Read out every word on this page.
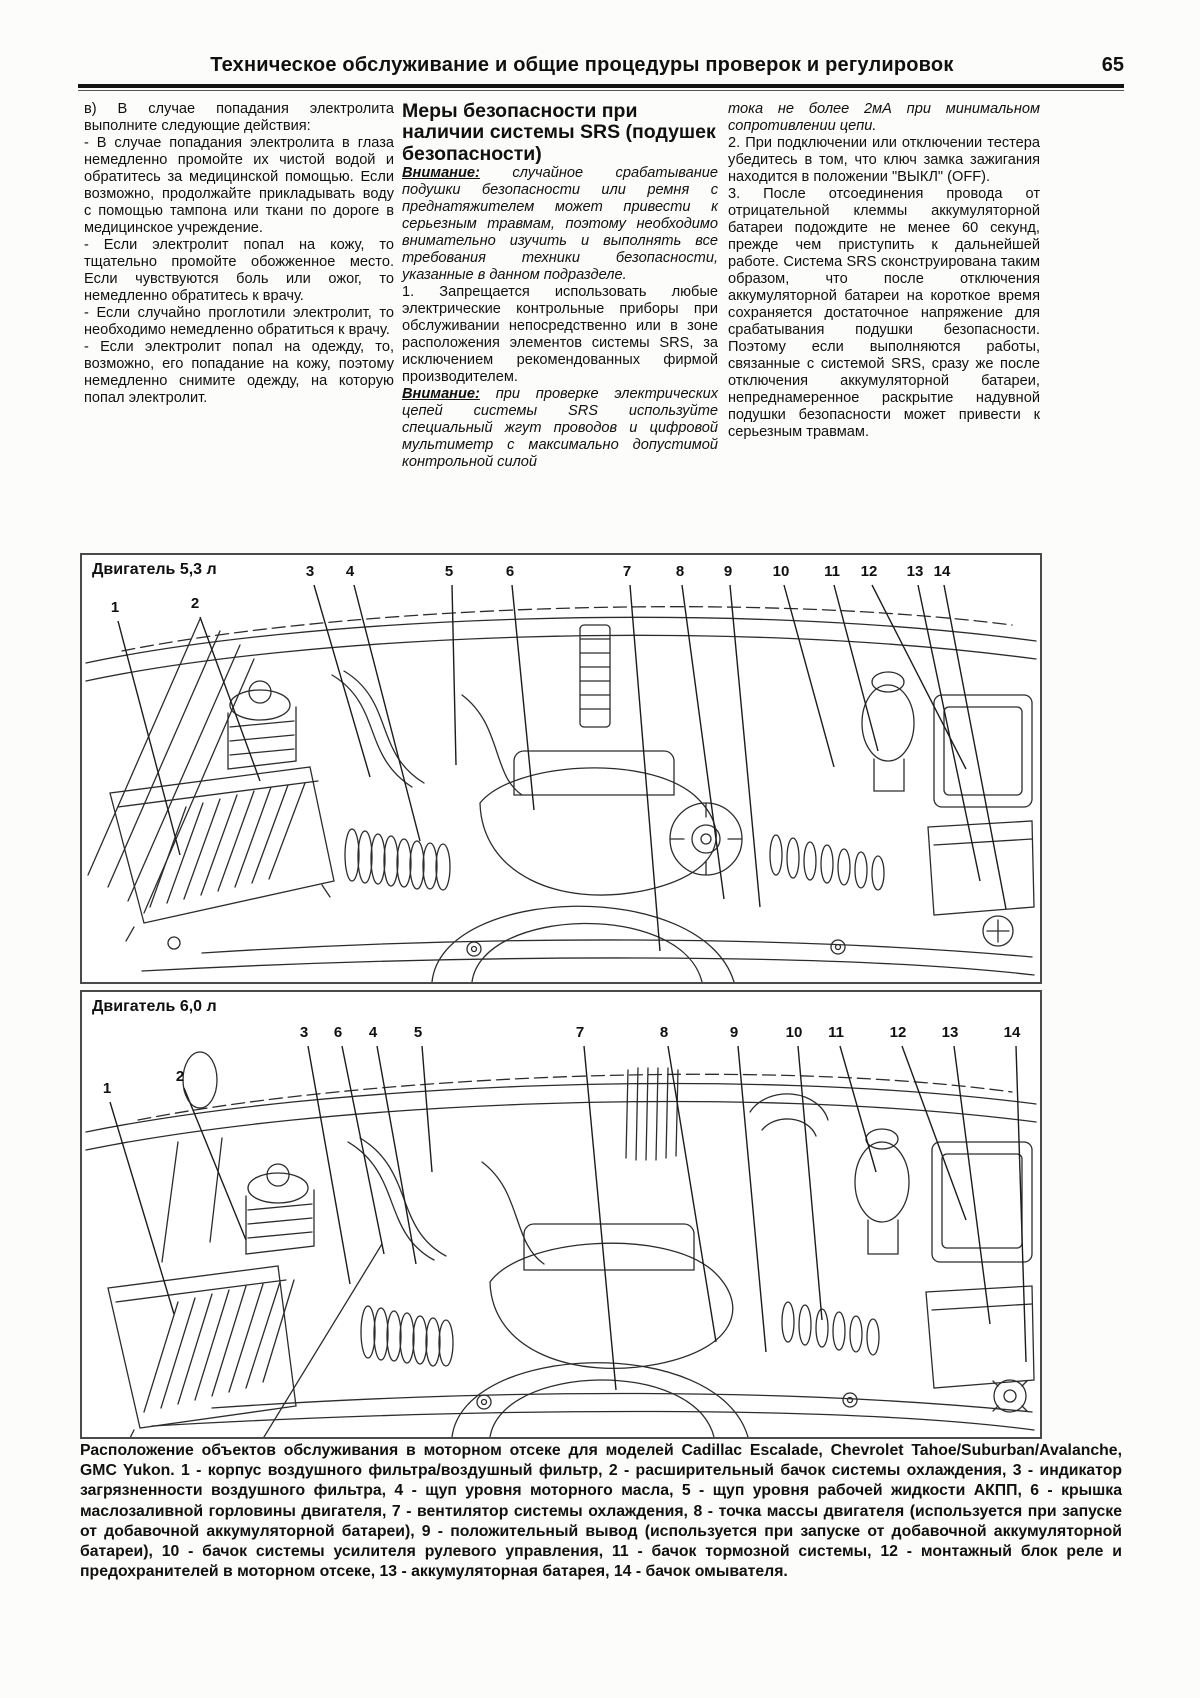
Техническое обслуживание и общие процедуры проверок и регулировок	65

в) В случае попадания электролита выполните следующие действия:

- В случае попадания электролита в глаза немедленно промойте их чистой водой и обратитесь за медицинской помощью. Если возможно, продолжайте прикладывать воду с помощью тампона или ткани по дороге в медицинское учреждение.

- Если электролит попал на кожу, то тщательно промойте обожженное место. Если чувствуются боль или ожог, то немедленно обратитесь к врачу.

- Если случайно проглотили электролит, то необходимо немедленно обратиться к врачу.

- Если электролит попал на одежду, то, возможно, его попадание на кожу, поэтому немедленно снимите одежду, на которую попал электролит.

Меры безопасности при наличии системы SRS (подушек безопасности)

Внимание: случайное срабатывание подушки безопасности или ремня с преднатяжителем может привести к серьезным травмам, поэтому необходимо внимательно изучить и выполнять все требования техники безопасности, указанные в данном подразделе.

1. Запрещается использовать любые электрические контрольные приборы при обслуживании непосредственно или в зоне расположения элементов системы SRS, за исключением рекомендованных фирмой производителем.

Внимание: при проверке электрических цепей системы SRS используйте специальный жгут проводов и цифровой мультиметр с максимально допустимой контрольной силой

тока не более 2мА при минимальном сопротивлении цепи.

2. При подключении или отключении тестера убедитесь в том, что ключ замка зажигания находится в положении "ВЫКЛ" (OFF).

3. После отсоединения провода от отрицательной клеммы аккумуляторной батареи подождите не менее 60 секунд, прежде чем приступить к дальнейшей работе. Система SRS сконструирована таким образом, что после отключения аккумуляторной батареи на короткое время сохраняется достаточное напряжение для срабатывания подушки безопасности. Поэтому если выполняются работы, связанные с системой SRS, сразу же после отключения аккумуляторной батареи, непреднамеренное раскрытие надувной подушки безопасности может привести к серьезным травмам.

Двигатель 5,3 л
1	2
3 4	5	6	7	8	9	10 11 12 13 14
Двигатель 6,0 л
1
2
3 6 4 5	7	8	9	10 11	12 13	14
Расположение объектов обслуживания в моторном отсеке для моделей Cadillac Escalade, Chevrolet Tahoe/Suburban/Avalanche, GMC Yukon. 1 - корпус воздушного фильтра/воздушный фильтр, 2 - расширительный бачок системы охлаждения, 3 - индикатор загрязненности воздушного фильтра, 4 - щуп уровня моторного масла, 5 - щуп уровня рабочей жидкости АКПП, 6 - крышка маслозаливной горловины двигателя, 7 - вентилятор системы охлаждения, 8 - точка массы двигателя (используется при запуске от добавочной аккумуляторной батареи), 9 - положительный вывод (используется при запуске от добавочной аккумуляторной батареи), 10 - бачок системы усилителя рулевого управления, 11 - бачок тормозной системы, 12 - монтажный блок реле и предохранителей в моторном отсеке, 13 - аккумуляторная батарея, 14 - бачок омывателя.
